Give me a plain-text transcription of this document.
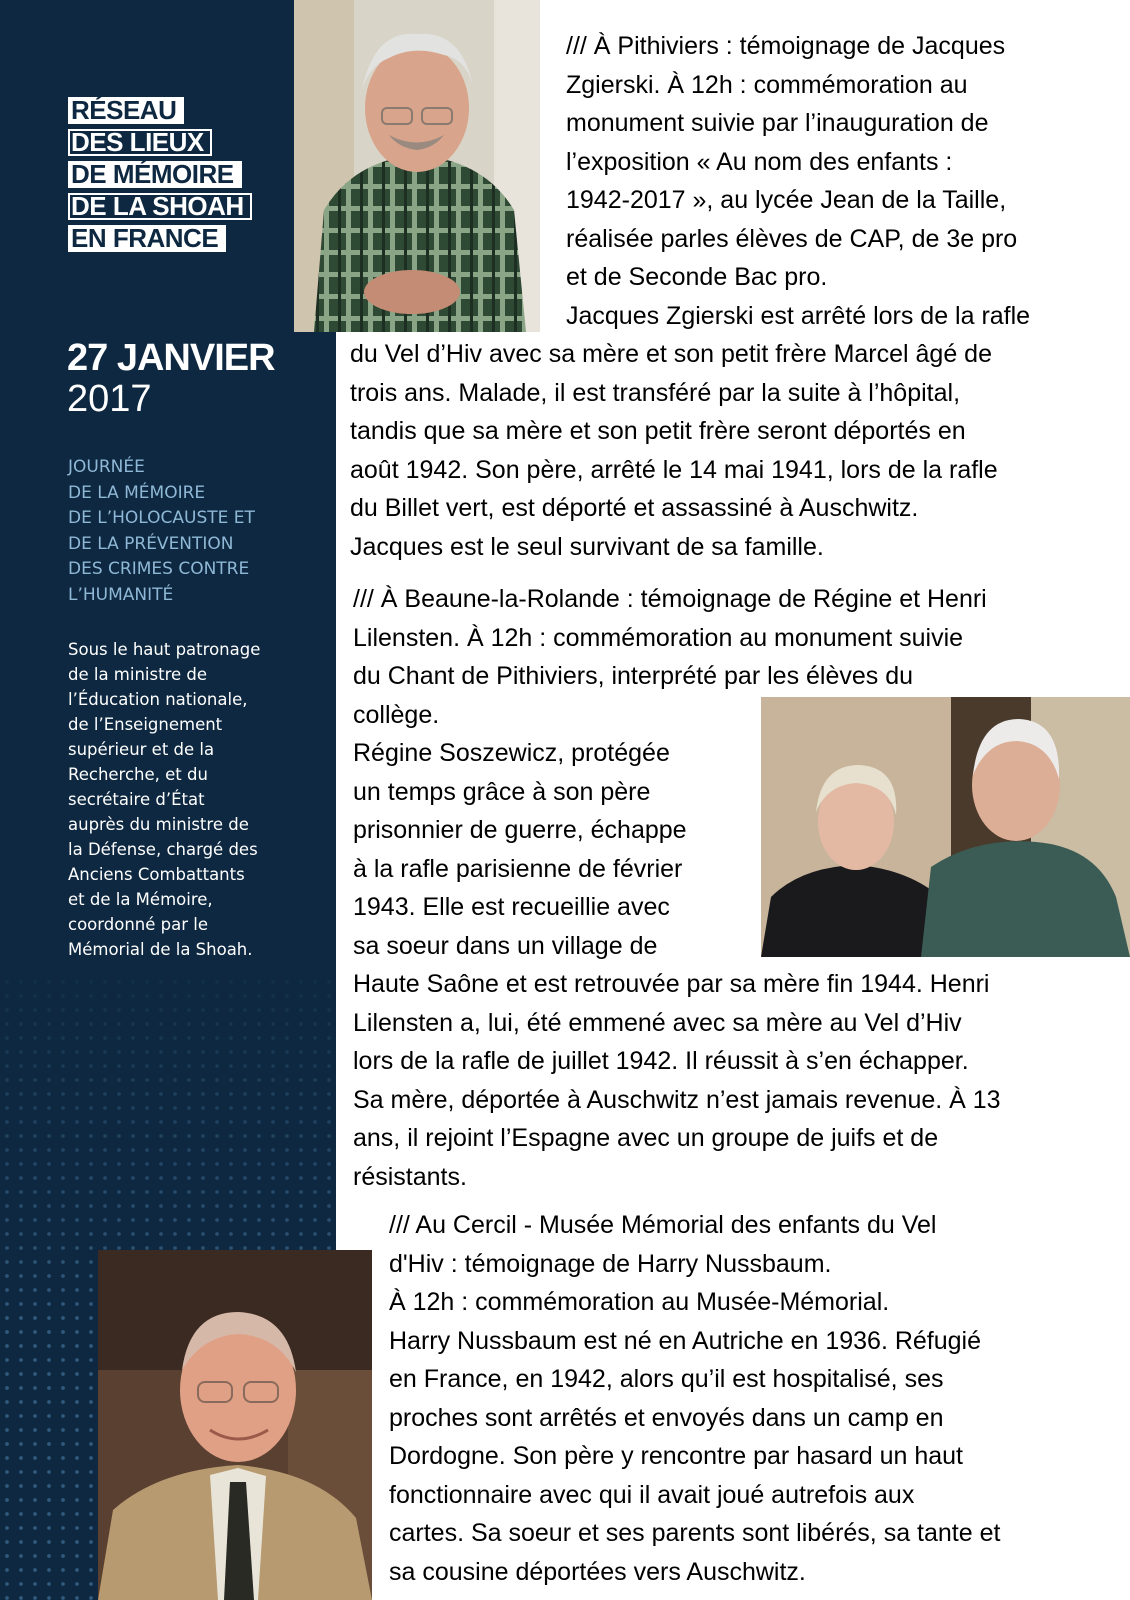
RÉSEAU
DES LIEUX
DE MÉMOIRE
DE LA SHOAH
EN FRANCE
27 JANVIER
2017
JOURNÉE
DE LA MÉMOIRE
DE L’HOLOCAUSTE ET
DE LA PRÉVENTION
DES CRIMES CONTRE
L’HUMANITÉ
Sous le haut patronage
de la ministre de
l’Éducation nationale,
de l’Enseignement
supérieur et de la
Recherche, et du
secrétaire d’État
auprès du ministre de
la Défense, chargé des
Anciens Combattants
et de la Mémoire,
coordonné par le
Mémorial de la Shoah.
/// À Pithiviers : témoignage de Jacques
Zgierski. À 12h : commémoration au
monument suivie par l’inauguration de
l’exposition « Au nom des enfants :
1942-2017 », au lycée Jean de la Taille,
réalisée parles élèves de CAP, de 3e pro
et de Seconde Bac pro.
Jacques Zgierski est arrêté lors de la rafle
du Vel d’Hiv avec sa mère et son petit frère Marcel âgé de
trois ans. Malade, il est transféré par la suite à l’hôpital,
tandis que sa mère et son petit frère seront déportés en
août 1942. Son père, arrêté le 14 mai 1941, lors de la rafle
du Billet vert, est déporté et assassiné à Auschwitz.
Jacques est le seul survivant de sa famille.
/// À Beaune-la-Rolande : témoignage de Régine et Henri
Lilensten. À 12h : commémoration au monument suivie
du Chant de Pithiviers, interprété par les élèves du
collège.
Régine Soszewicz, protégée
un temps grâce à son père
prisonnier de guerre, échappe
à la rafle parisienne de février
1943. Elle est recueillie avec
sa soeur dans un village de
Haute Saône et est retrouvée par sa mère fin 1944. Henri
Lilensten a, lui, été emmené avec sa mère au Vel d’Hiv
lors de la rafle de juillet 1942. Il réussit à s’en échapper.
Sa mère, déportée à Auschwitz n’est jamais revenue. À 13
ans, il rejoint l’Espagne avec un groupe de juifs et de
résistants.
/// Au Cercil - Musée Mémorial des enfants du Vel
d'Hiv : témoignage de Harry Nussbaum.
À 12h : commémoration au Musée-Mémorial.
Harry Nussbaum est né en Autriche en 1936. Réfugié
en France, en 1942, alors qu’il est hospitalisé, ses
proches sont arrêtés et envoyés dans un camp en
Dordogne. Son père y rencontre par hasard un haut
fonctionnaire avec qui il avait joué autrefois aux
cartes. Sa soeur et ses parents sont libérés, sa tante et
sa cousine déportées vers Auschwitz.
